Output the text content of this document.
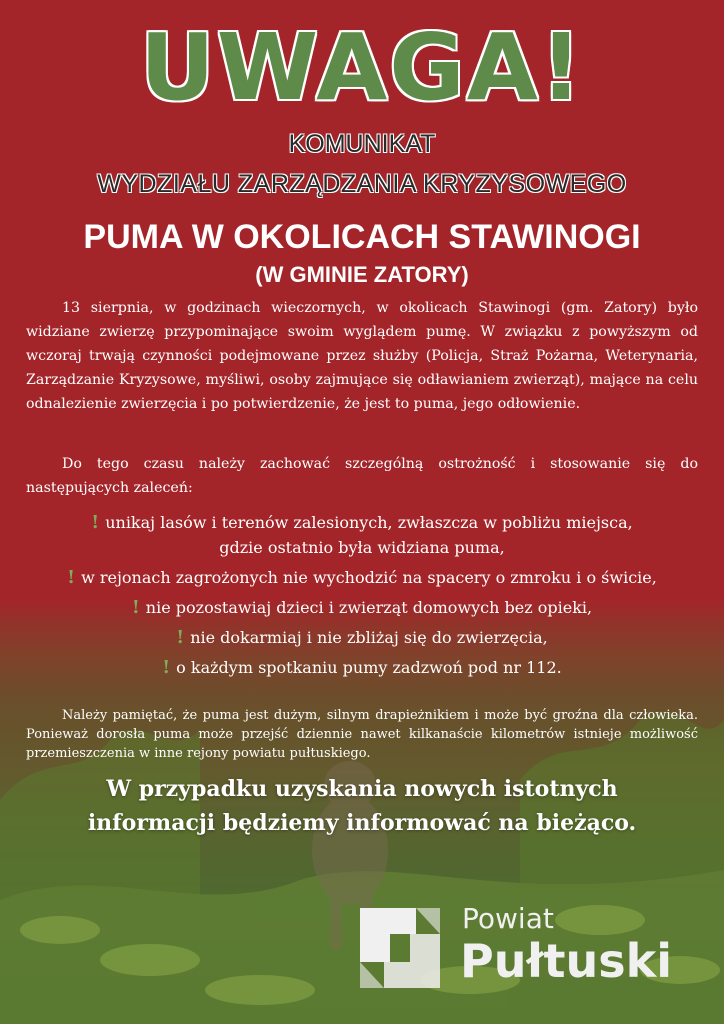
UWAGA!
KOMUNIKAT
WYDZIAŁU ZARZĄDZANIA KRYZYSOWEGO
PUMA W OKOLICACH STAWINOGI
(W GMINIE ZATORY)
13 sierpnia, w godzinach wieczornych, w okolicach Stawinogi (gm. Zatory) było widziane zwierzę przypominające swoim wyglądem pumę. W związku z powyższym od wczoraj trwają czynności podejmowane przez służby (Policja, Straż Pożarna, Weterynaria, Zarządzanie Kryzysowe, myśliwi, osoby zajmujące się odławianiem zwierząt), mające na celu odnalezienie zwierzęcia i po potwierdzenie, że jest to puma, jego odłowienie.
Do tego czasu należy zachować szczególną ostrożność i stosowanie się do następujących zaleceń:
! unikaj lasów i terenów zalesionych, zwłaszcza w pobliżu miejsca,
gdzie ostatnio była widziana puma,
! w rejonach zagrożonych nie wychodzić na spacery o zmroku i o świcie,
! nie pozostawiaj dzieci i zwierząt domowych bez opieki,
! nie dokarmiaj i nie zbliżaj się do zwierzęcia,
! o każdym spotkaniu pumy zadzwoń pod nr 112.
Należy pamiętać, że puma jest dużym, silnym drapieżnikiem i może być groźna dla człowieka. Ponieważ dorosła puma może przejść dziennie nawet kilkanaście kilometrów istnieje możliwość przemieszczenia w inne rejony powiatu pułtuskiego.
W przypadku uzyskania nowych istotnych
informacji będziemy informować na bieżąco.
Powiat
Pułtuski
